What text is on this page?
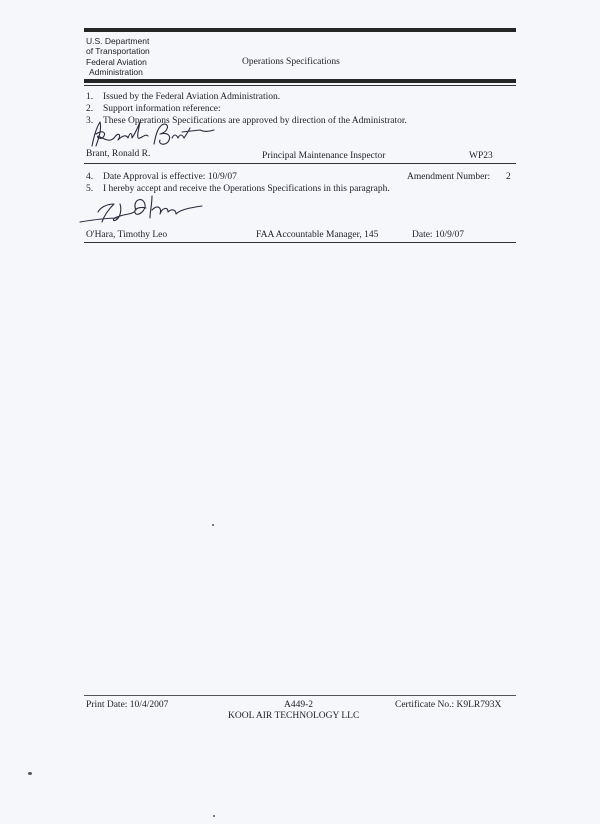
U.S. Department
of Transportation
Federal Aviation
Administration
Operations Specifications
1. Issued by the Federal Aviation Administration.
2. Support information reference:
3. These Operations Specifications are approved by direction of the Administrator.
Brant, Ronald R.	Principal Maintenance Inspector	WP23
4. Date Approval is effective: 10/9/07	Amendment Number: 2
5. I hereby accept and receive the Operations Specifications in this paragraph.
O'Hara, Timothy Leo	FAA Accountable Manager, 145	Date: 10/9/07
Print Date: 10/4/2007	A449-2	Certificate No.: K9LR793X
KOOL AIR TECHNOLOGY LLC
